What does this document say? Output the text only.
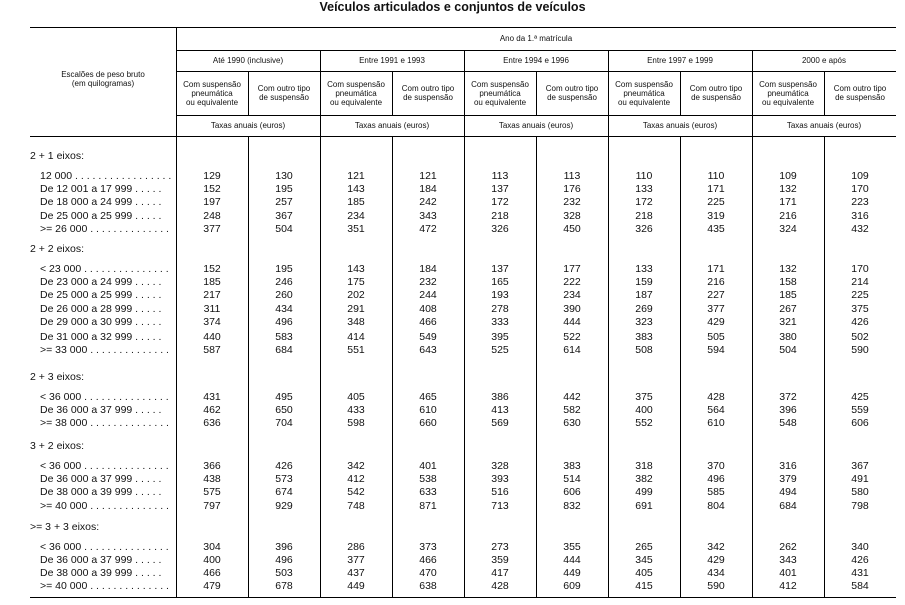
Veículos articulados e conjuntos de veículos
Escalões de peso bruto
(em quilogramas)
Ano da 1.ª matrícula
Até 1990 (inclusive)
Com suspensão
pneumática
ou equivalente
Com outro tipo
de suspensão
Taxas anuais (euros)
Entre 1991 e 1993
Com suspensão
pneumática
ou equivalente
Com outro tipo
de suspensão
Taxas anuais (euros)
Entre 1994 e 1996
Com suspensão
pneumática
ou equivalente
Com outro tipo
de suspensão
Taxas anuais (euros)
Entre 1997 e 1999
Com suspensão
pneumática
ou equivalente
Com outro tipo
de suspensão
Taxas anuais (euros)
2000 e após
Com suspensão
pneumática
ou equivalente
Com outro tipo
de suspensão
Taxas anuais (euros)
2 + 1 eixos:
12 000 . . . . . . . . . . . . . . . . .	129	130	121	121	113	113	110	110	109	109
De 12 001 a 17 999 . . . . .	152	195	143	184	137	176	133	171	132	170
De 18 000 a 24 999 . . . . .	197	257	185	242	172	232	172	225	171	223
De 25 000 a 25 999 . . . . .	248	367	234	343	218	328	218	319	216	316
>= 26 000 . . . . . . . . . . . . . .	377	504	351	472	326	450	326	435	324	432
2 + 2 eixos:
< 23 000 . . . . . . . . . . . . . . .	152	195	143	184	137	177	133	171	132	170
De 23 000 a 24 999 . . . . .	185	246	175	232	165	222	159	216	158	214
De 25 000 a 25 999 . . . . .	217	260	202	244	193	234	187	227	185	225
De 26 000 a 28 999 . . . . .	311	434	291	408	278	390	269	377	267	375
De 29 000 a 30 999 . . . . .	374	496	348	466	333	444	323	429	321	426
De 31 000 a 32 999 . . . . .	440	583	414	549	395	522	383	505	380	502
>= 33 000 . . . . . . . . . . . . . .	587	684	551	643	525	614	508	594	504	590
2 + 3 eixos:
< 36 000 . . . . . . . . . . . . . . .	431	495	405	465	386	442	375	428	372	425
De 36 000 a 37 999 . . . . .	462	650	433	610	413	582	400	564	396	559
>= 38 000 . . . . . . . . . . . . . .	636	704	598	660	569	630	552	610	548	606
3 + 2 eixos:
< 36 000 . . . . . . . . . . . . . . .	366	426	342	401	328	383	318	370	316	367
De 36 000 a 37 999 . . . . .	438	573	412	538	393	514	382	496	379	491
De 38 000 a 39 999 . . . . .	575	674	542	633	516	606	499	585	494	580
>= 40 000 . . . . . . . . . . . . . .	797	929	748	871	713	832	691	804	684	798
>= 3 + 3 eixos:
< 36 000 . . . . . . . . . . . . . . .	304	396	286	373	273	355	265	342	262	340
De 36 000 a 37 999 . . . . .	400	496	377	466	359	444	345	429	343	426
De 38 000 a 39 999 . . . . .	466	503	437	470	417	449	405	434	401	431
>= 40 000 . . . . . . . . . . . . . .	479	678	449	638	428	609	415	590	412	584
